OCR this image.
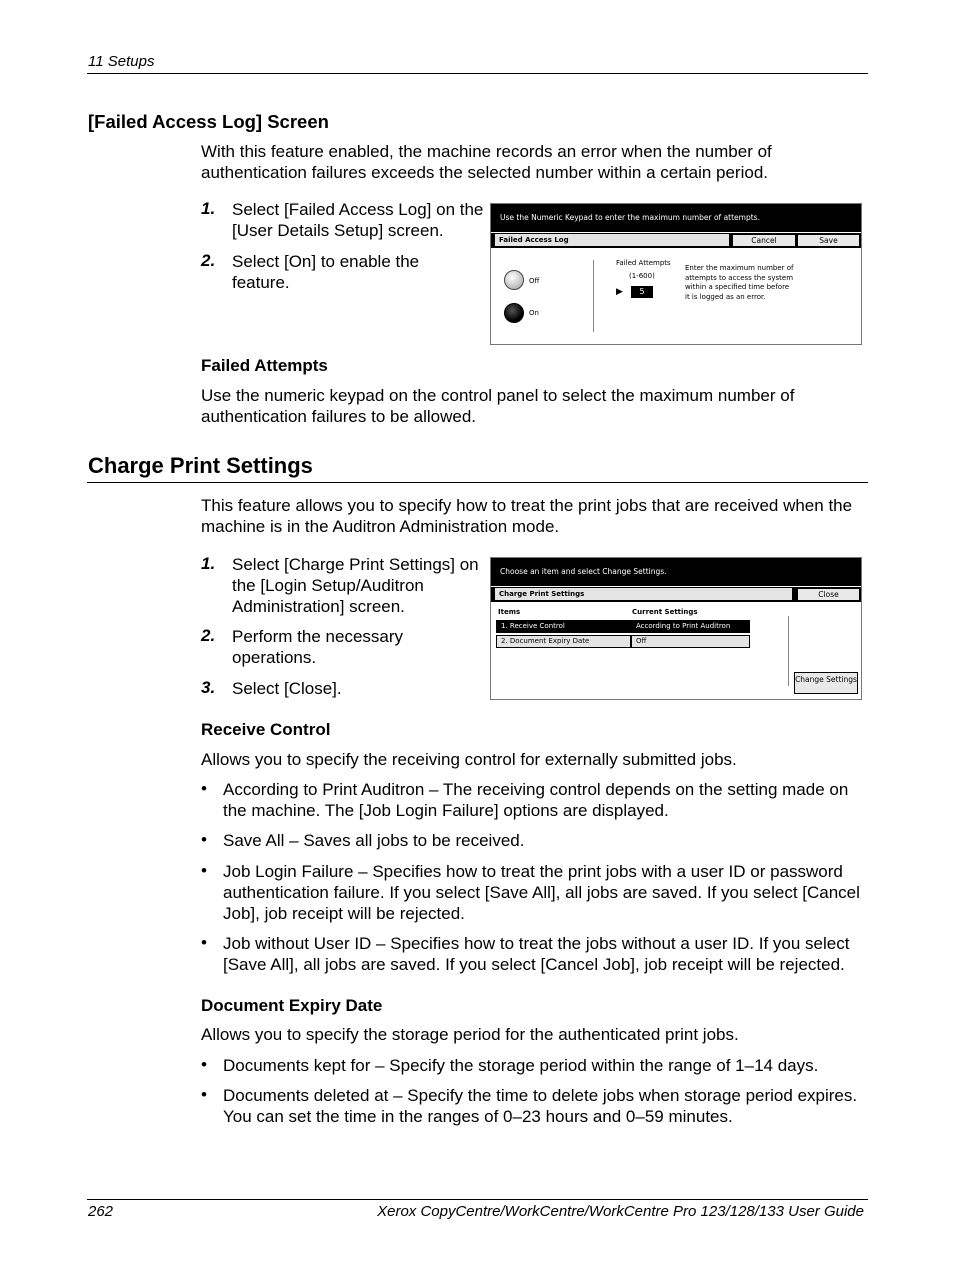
11 Setups
[Failed Access Log] Screen
With this feature enabled, the machine records an error when the number of authentication failures exceeds the selected number within a certain period.
1. Select [Failed Access Log] on the [User Details Setup] screen.
2. Select [On] to enable the feature.
Use the Numeric Keypad to enter the maximum number of attempts.
Failed Access Log	Cancel	Save
Off
On
Failed Attempts
(1-600)
▶	5
Enter the maximum number of attempts to access the system within a specified time before it is logged as an error.
Failed Attempts
Use the numeric keypad on the control panel to select the maximum number of authentication failures to be allowed.
Charge Print Settings
This feature allows you to specify how to treat the print jobs that are received when the machine is in the Auditron Administration mode.
1. Select [Charge Print Settings] on the [Login Setup/Auditron Administration] screen.
2. Perform the necessary operations.
3. Select [Close].
Choose an item and select Change Settings.
Charge Print Settings	Close
Items	Current Settings
1. Receive Control	According to Print Auditron
2. Document Expiry Date	Off
Change Settings
Receive Control
Allows you to specify the receiving control for externally submitted jobs.
• According to Print Auditron – The receiving control depends on the setting made on the machine. The [Job Login Failure] options are displayed.
• Save All – Saves all jobs to be received.
• Job Login Failure – Specifies how to treat the print jobs with a user ID or password authentication failure. If you select [Save All], all jobs are saved. If you select [Cancel Job], job receipt will be rejected.
• Job without User ID – Specifies how to treat the jobs without a user ID. If you select [Save All], all jobs are saved. If you select [Cancel Job], job receipt will be rejected.
Document Expiry Date
Allows you to specify the storage period for the authenticated print jobs.
• Documents kept for – Specify the storage period within the range of 1–14 days.
• Documents deleted at – Specify the time to delete jobs when storage period expires. You can set the time in the ranges of 0–23 hours and 0–59 minutes.
262	Xerox CopyCentre/WorkCentre/WorkCentre Pro 123/128/133 User Guide
